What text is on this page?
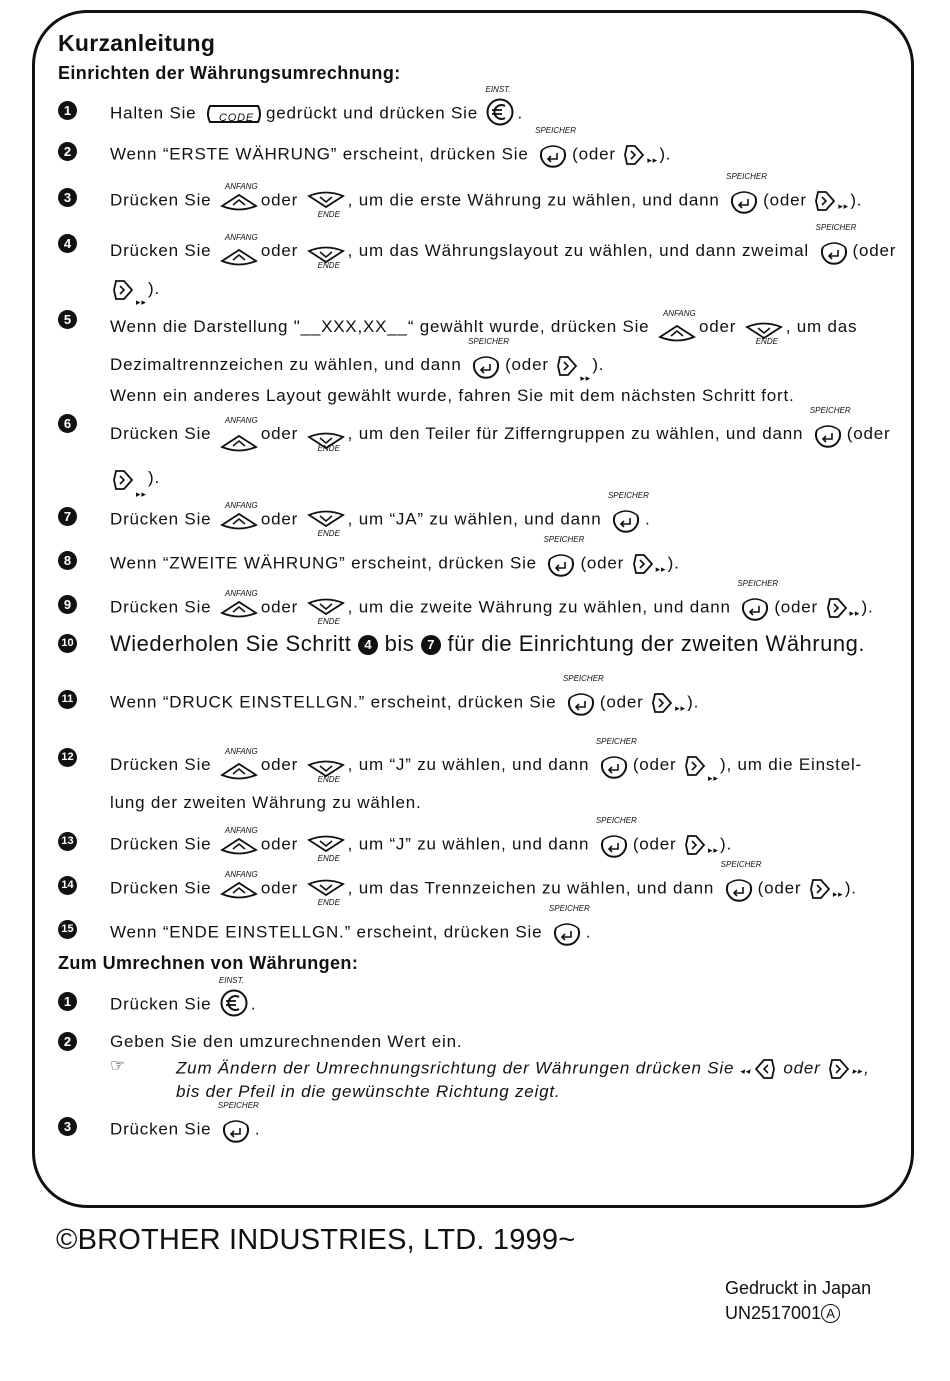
Kurzanleitung
Einrichten der Währungsumrechnung:
1	Halten Sie CODE gedrückt und drücken Sie
EINST.
.
2	Wenn “ERSTE WÄHRUNG” erscheint, drücken Sie
SPEICHER
(oder	▸▸ ).
3	Drücken Sie
ANFANG
oder
ENDE
, um die erste Währung zu wählen, und dann
SPEICHER
(oder	▸▸ ).
4	Drücken Sie
ANFANG
oder
ENDE
, um das Währungslayout zu wählen, und dann zweimal
SPEICHER
(oder
▸▸
).
5	Wenn die Darstellung "__XXX,XX__“ gewählt wurde, drücken Sie
ANFANG
oder
ENDE
, um das Dezimaltrennzeichen zu wählen, und dann
SPEICHER
(oder
▸▸
).
Wenn ein anderes Layout gewählt wurde, fahren Sie mit dem nächsten Schritt fort.
6
Drücken Sie
ANFANG
oder
ENDE
, um den Teiler für Zifferngruppen zu wählen, und dann
SPEICHER
(oder
▸▸
).
7	Drücken Sie
ANFANG
oder
ENDE
, um “JA” zu wählen, und dann
SPEICHER
.
8	Wenn “ZWEITE WÄHRUNG” erscheint, drücken Sie
SPEICHER
(oder	▸▸ ).
9	Drücken Sie
ANFANG
oder
ENDE
, um die zweite Währung zu wählen, und dann
SPEICHER
(oder	▸▸ ).
10 Wiederholen Sie Schritt 4 bis 7 für die Einrichtung der zweiten Währung.
11 Wenn “DRUCK EINSTELLGN.” erscheint, drücken Sie
SPEICHER
(oder	▸▸ ).
12 Drücken Sie
ANFANG
oder
ENDE
, um “J” zu wählen, und dann
SPEICHER
(oder
▸▸
), um die Einstel-
lung der zweiten Währung zu wählen.
13 Drücken Sie
ANFANG
oder
ENDE
, um “J” zu wählen, und dann
SPEICHER
(oder	▸▸ ).
14 Drücken Sie
ANFANG
oder
ENDE
, um das Trennzeichen zu wählen, und dann
SPEICHER
(oder	▸▸ ).
15 Wenn “ENDE EINSTELLGN.” erscheint, drücken Sie
SPEICHER
.
Zum Umrechnen von Währungen:
1	Drücken Sie
EINST.
.
2	Geben Sie den umzurechnenden Wert ein.
3	Drücken Sie
SPEICHER
.
☞	Zum Ändern der Umrechnungsrichtung der Währungen drücken Sie ◂◂ oder	▸▸ ,
bis der Pfeil in die gewünschte Richtung zeigt.
©BROTHER INDUSTRIES, LTD. 1999~
Gedruckt in Japan
UN2517001 A
